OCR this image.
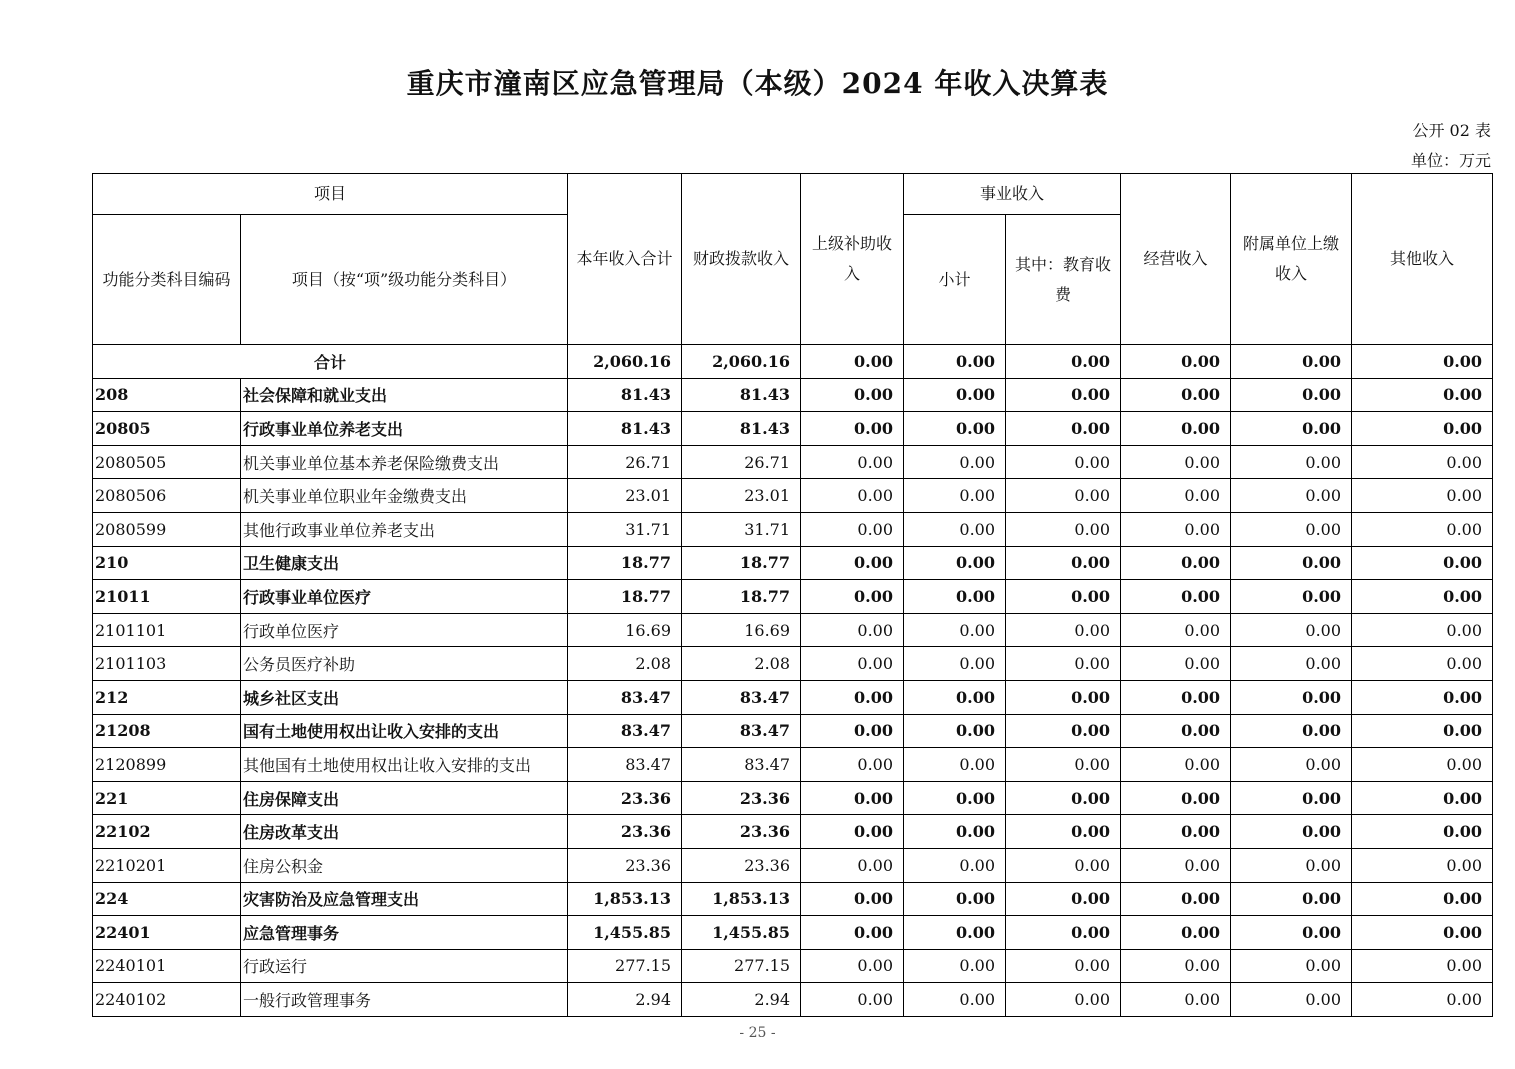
重庆市潼南区应急管理局（本级）2024 年收入决算表
公开 02 表
单位：万元
项目		本年收入合计	财政拨款收入	上级补助收入	事业收入		经营收入	附属单位上缴收入	其他收入
功能分类科目编码	项目（按“项”级功能分类科目）				小计	其中：教育收费			
合计		2,060.16	2,060.16	0.00	0.00	0.00	0.00	0.00	0.00
208	社会保障和就业支出	81.43	81.43	0.00	0.00	0.00	0.00	0.00	0.00
20805	行政事业单位养老支出	81.43	81.43	0.00	0.00	0.00	0.00	0.00	0.00
2080505	机关事业单位基本养老保险缴费支出	26.71	26.71	0.00	0.00	0.00	0.00	0.00	0.00
2080506	机关事业单位职业年金缴费支出	23.01	23.01	0.00	0.00	0.00	0.00	0.00	0.00
2080599	其他行政事业单位养老支出	31.71	31.71	0.00	0.00	0.00	0.00	0.00	0.00
210	卫生健康支出	18.77	18.77	0.00	0.00	0.00	0.00	0.00	0.00
21011	行政事业单位医疗	18.77	18.77	0.00	0.00	0.00	0.00	0.00	0.00
2101101	行政单位医疗	16.69	16.69	0.00	0.00	0.00	0.00	0.00	0.00
2101103	公务员医疗补助	2.08	2.08	0.00	0.00	0.00	0.00	0.00	0.00
212	城乡社区支出	83.47	83.47	0.00	0.00	0.00	0.00	0.00	0.00
21208	国有土地使用权出让收入安排的支出	83.47	83.47	0.00	0.00	0.00	0.00	0.00	0.00
2120899	其他国有土地使用权出让收入安排的支出	83.47	83.47	0.00	0.00	0.00	0.00	0.00	0.00
221	住房保障支出	23.36	23.36	0.00	0.00	0.00	0.00	0.00	0.00
22102	住房改革支出	23.36	23.36	0.00	0.00	0.00	0.00	0.00	0.00
2210201	住房公积金	23.36	23.36	0.00	0.00	0.00	0.00	0.00	0.00
224	灾害防治及应急管理支出	1,853.13	1,853.13	0.00	0.00	0.00	0.00	0.00	0.00
22401	应急管理事务	1,455.85	1,455.85	0.00	0.00	0.00	0.00	0.00	0.00
2240101	行政运行	277.15	277.15	0.00	0.00	0.00	0.00	0.00	0.00
2240102	一般行政管理事务	2.94	2.94	0.00	0.00	0.00	0.00	0.00	0.00
- 25 -
